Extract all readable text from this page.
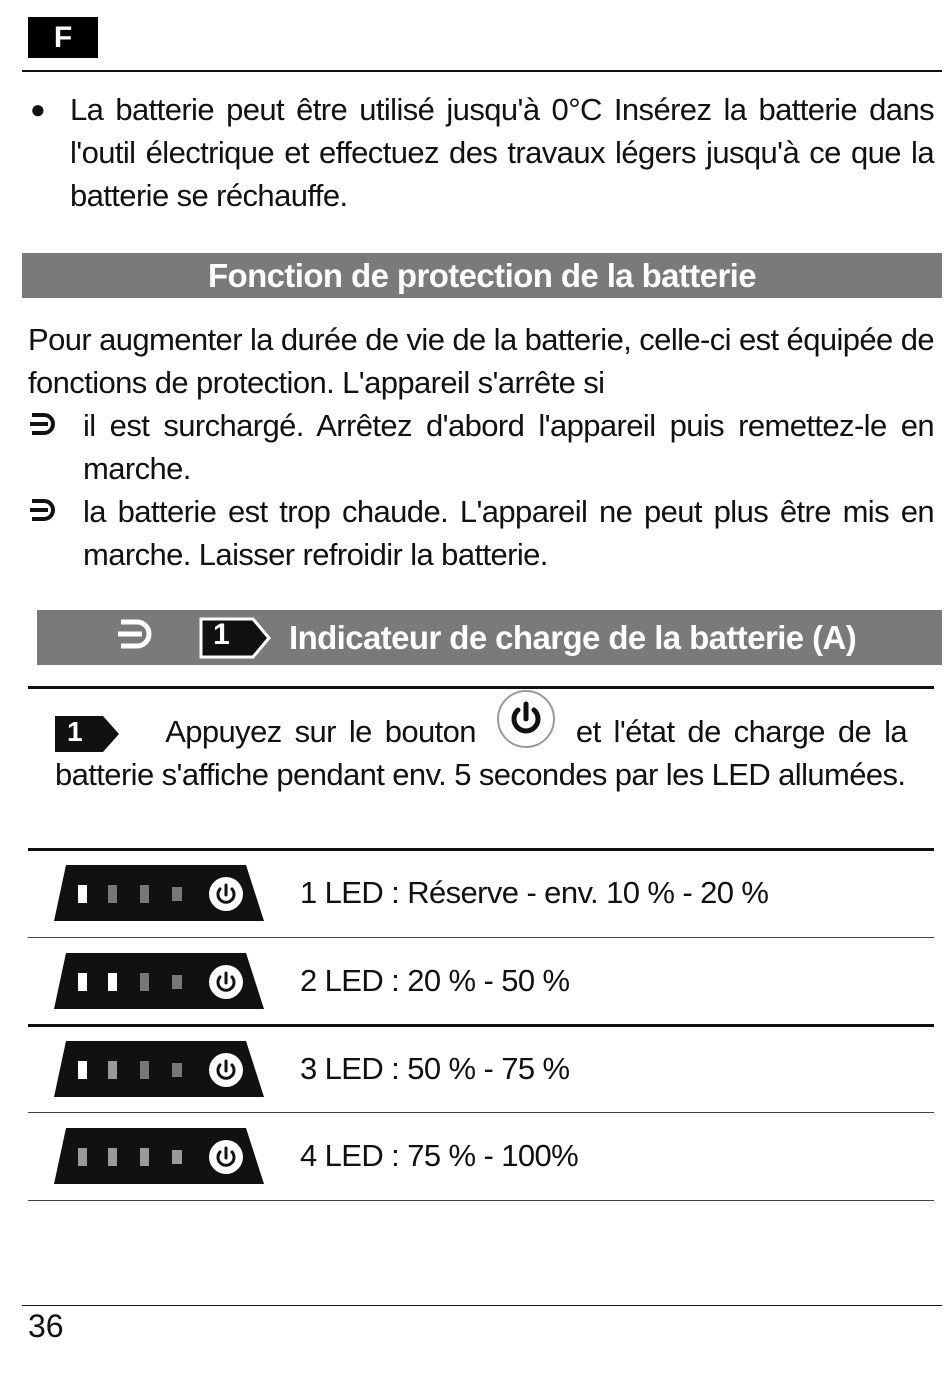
F
● La batterie peut être utilisé jusqu'à 0°C Insérez la batterie dans l'outil électrique et effectuez des travaux légers jusqu'à ce que la batterie se réchauffe.
Fonction de protection de la batterie
Pour augmenter la durée de vie de la batterie, celle-ci est équipée de fonctions de protection. L'appareil s'arrête si
il est surchargé. Arrêtez d'abord l'appareil puis remettez-le en marche.
la batterie est trop chaude. L'appareil ne peut plus être mis en marche. Laisser refroidir la batterie.
1 Indicateur de charge de la batterie (A)
1	Appuyez sur le bouton	et l'état de charge de la batterie s'affiche pendant env. 5 secondes par les LED allumées.
1 LED : Réserve - env. 10 % - 20 %
2 LED : 20 % - 50 %
3 LED : 50 % - 75 %
4 LED : 75 % - 100%
36
